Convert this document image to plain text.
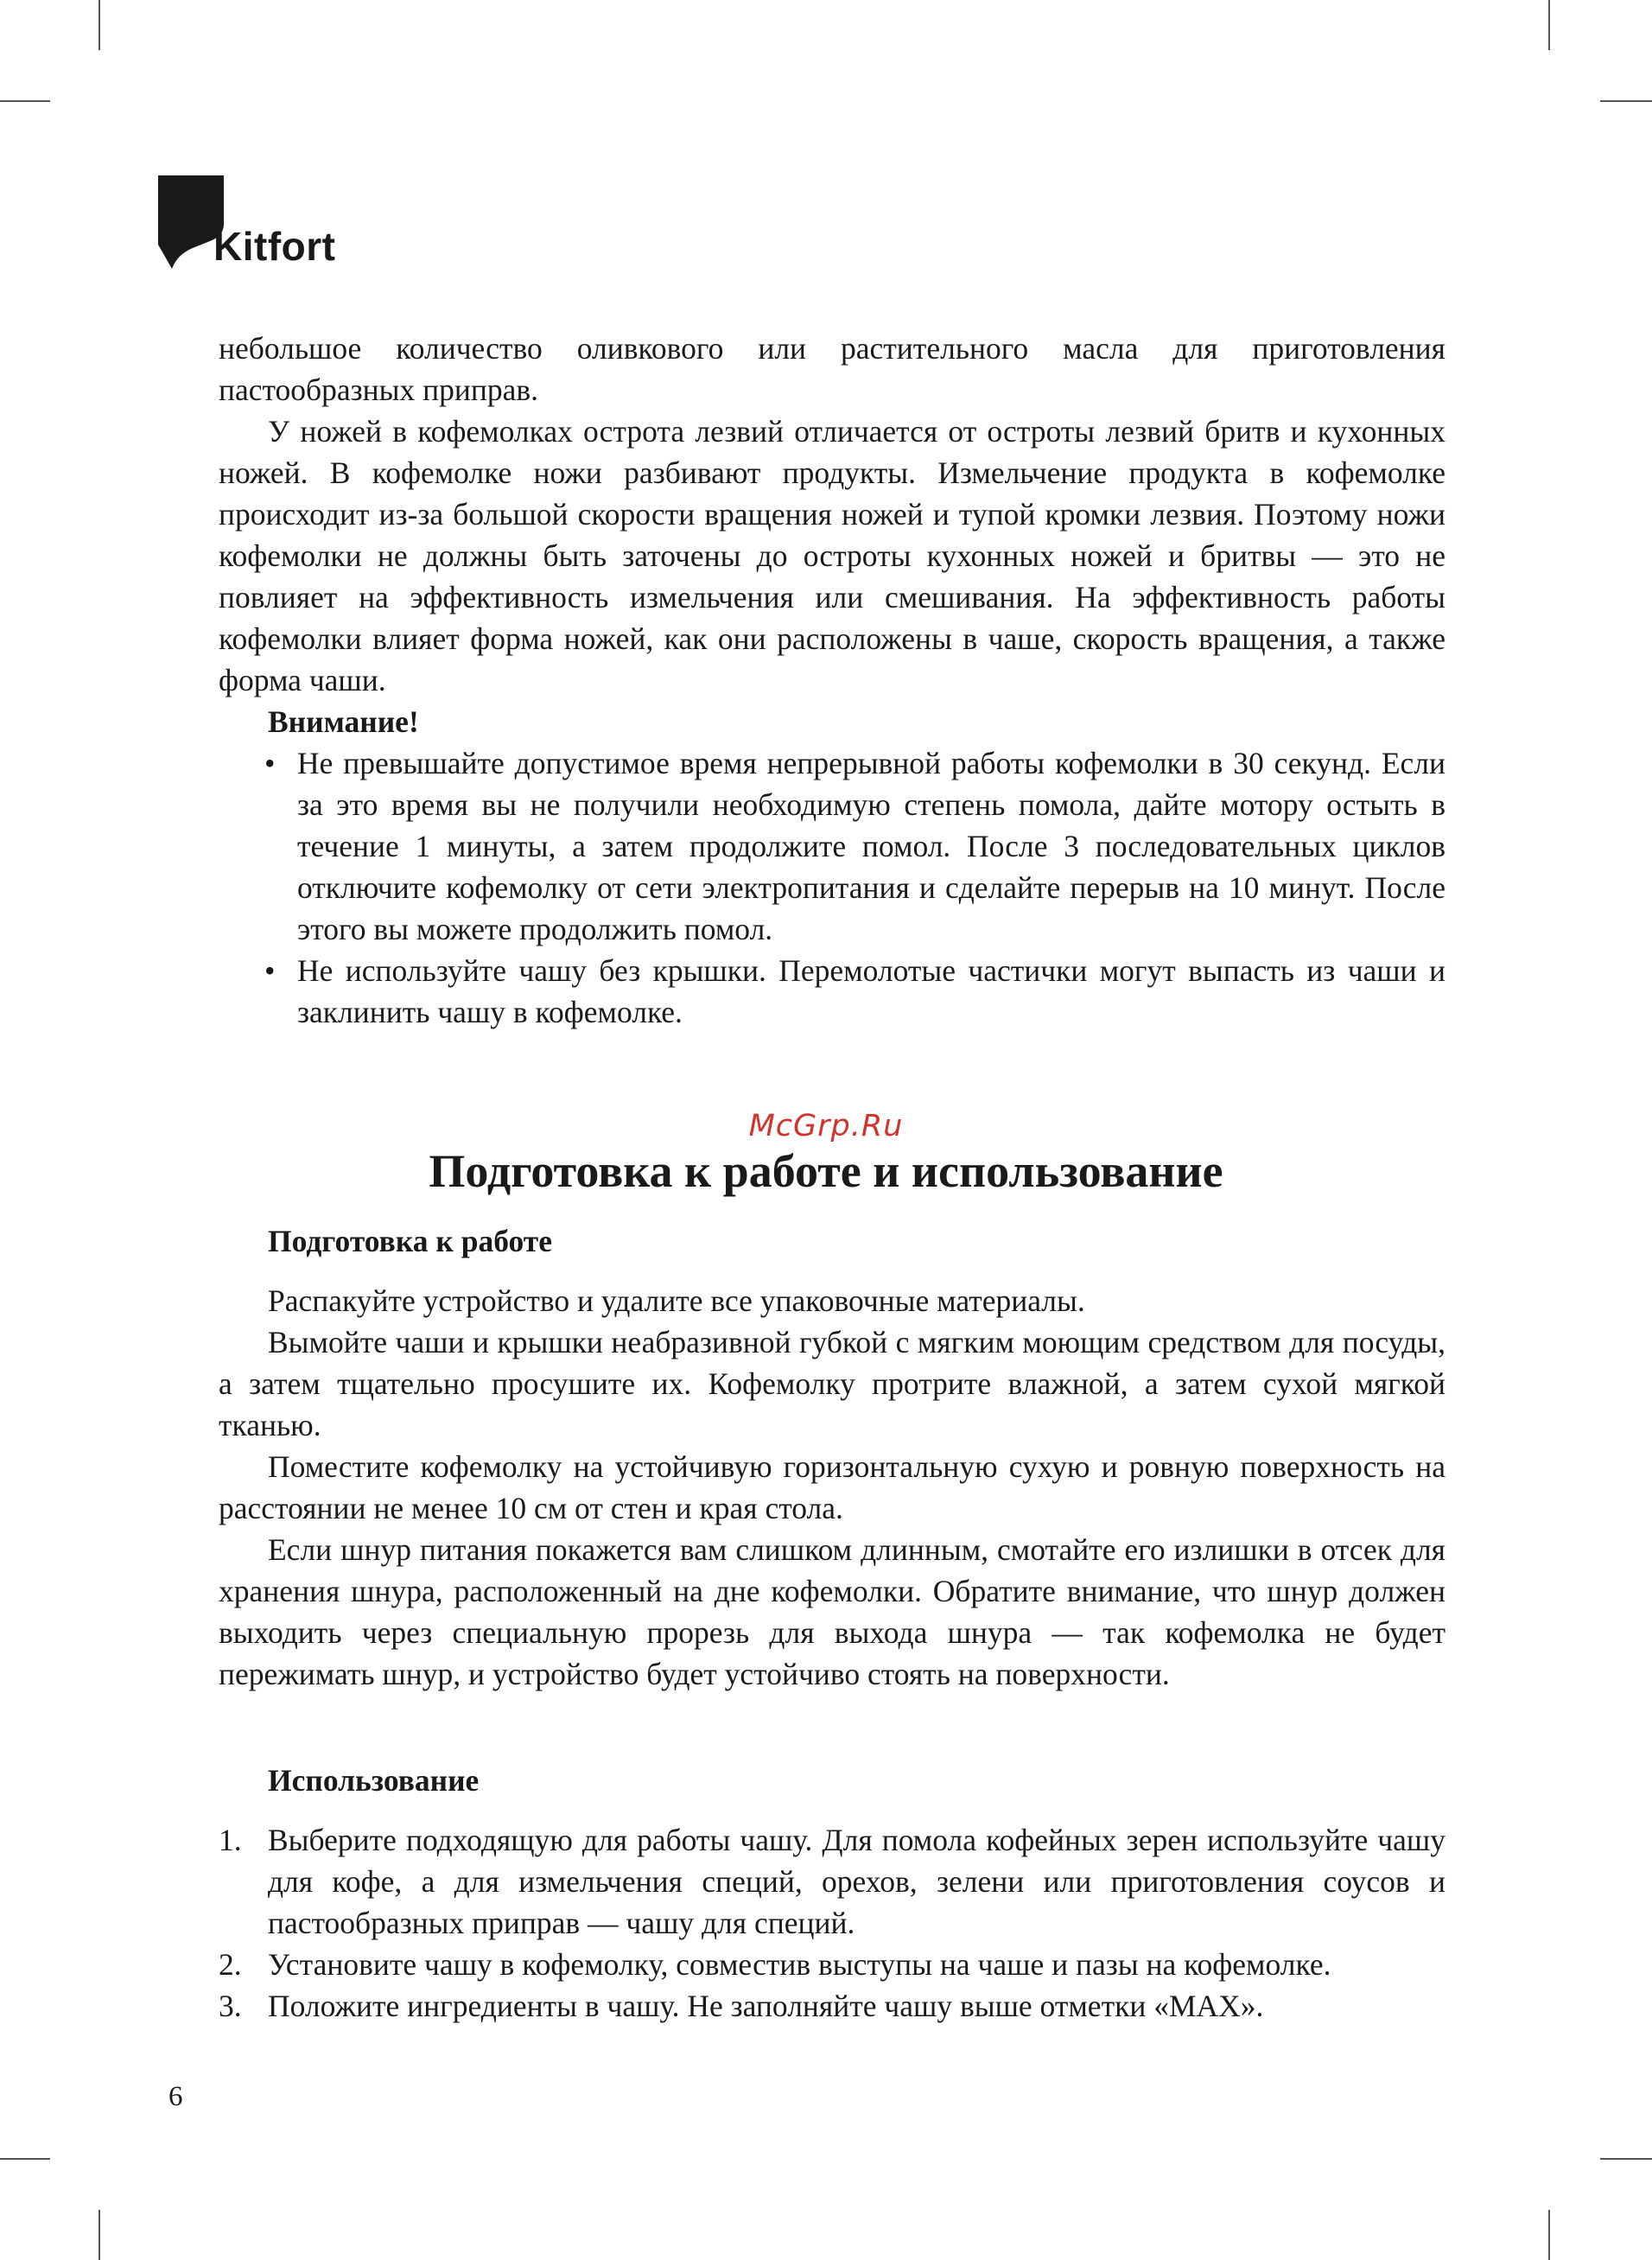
Kitfort

небольшое количество оливкового или растительного масла для приготовления пастообразных приправ.

У ножей в кофемолках острота лезвий отличается от остроты лезвий бритв и кухонных ножей. В кофемолке ножи разбивают продукты. Измельчение продукта в кофемолке происходит из-за большой скорости вращения ножей и тупой кромки лезвия. Поэтому ножи кофемолки не должны быть заточены до остроты кухонных ножей и бритвы — это не повлияет на эффективность измельчения или смешивания. На эффективность работы кофемолки влияет форма ножей, как они расположены в чаше, скорость вращения, а также форма чаши.

Внимание!

• Не превышайте допустимое время непрерывной работы кофемолки в 30 секунд. Если за это время вы не получили необходимую степень помола, дайте мотору остыть в течение 1 минуты, а затем продолжите помол. После 3 последовательных циклов отключите кофемолку от сети электропитания и сделайте перерыв на 10 минут. После этого вы можете продолжить помол.
• Не используйте чашу без крышки. Перемолотые частички могут выпасть из чаши и заклинить чашу в кофемолке.
McGrp.Ru
Подготовка к работе и использование
Подготовка к работе

Распакуйте устройство и удалите все упаковочные материалы.

Вымойте чаши и крышки неабразивной губкой с мягким моющим средством для посуды, а затем тщательно просушите их. Кофемолку протрите влажной, а затем сухой мягкой тканью.

Поместите кофемолку на устойчивую горизонтальную сухую и ровную поверхность на расстоянии не менее 10 см от стен и края стола.

Если шнур питания покажется вам слишком длинным, смотайте его излишки в отсек для хранения шнура, расположенный на дне кофемолки. Обратите внимание, что шнур должен выходить через специальную прорезь для выхода шнура — так кофемолка не будет пережимать шнур, и устройство будет устойчиво стоять на поверхности.

Использование
1. Выберите подходящую для работы чашу. Для помола кофейных зерен используйте чашу для кофе, а для измельчения специй, орехов, зелени или приготовления соусов и пастообразных приправ — чашу для специй.
2. Установите чашу в кофемолку, совместив выступы на чаше и пазы на кофемолке.
3. Положите ингредиенты в чашу. Не заполняйте чашу выше отметки «MAX».
6
